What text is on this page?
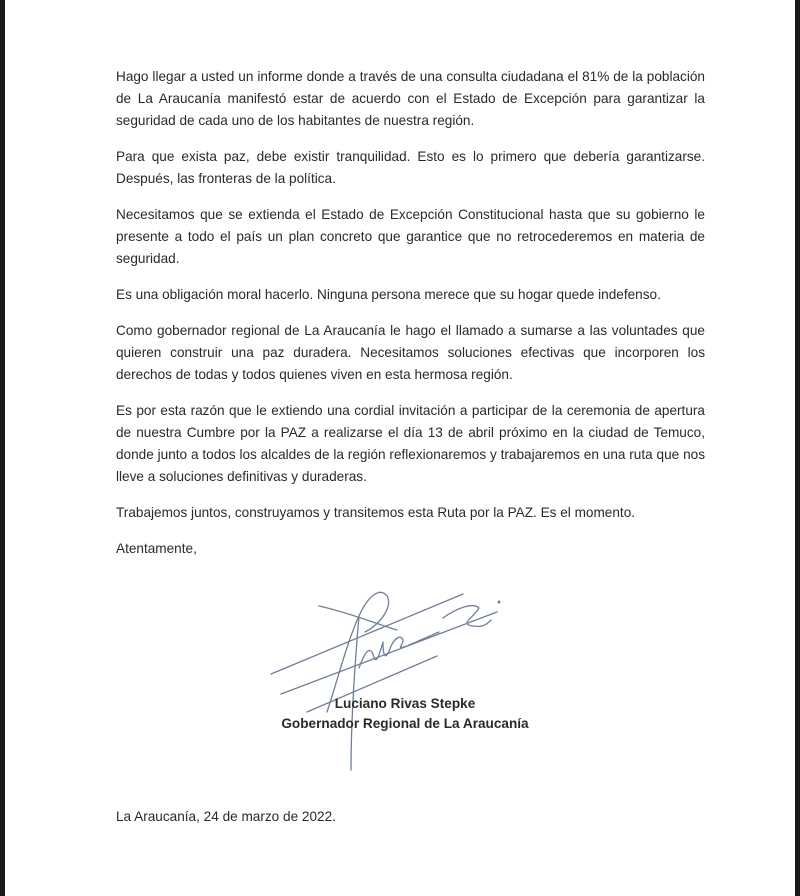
Hago llegar a usted un informe donde a través de una consulta ciudadana el 81% de la población de La Araucanía manifestó estar de acuerdo con el Estado de Excepción para garantizar la seguridad de cada uno de los habitantes de nuestra región.

Para que exista paz, debe existir tranquilidad. Esto es lo primero que debería garantizarse. Después, las fronteras de la política.

Necesitamos que se extienda el Estado de Excepción Constitucional hasta que su gobierno le presente a todo el país un plan concreto que garantice que no retrocederemos en materia de seguridad.

Es una obligación moral hacerlo. Ninguna persona merece que su hogar quede indefenso.

Como gobernador regional de La Araucanía le hago el llamado a sumarse a las voluntades que quieren construir una paz duradera. Necesitamos soluciones efectivas que incorporen los derechos de todas y todos quienes viven en esta hermosa región.

Es por esta razón que le extiendo una cordial invitación a participar de la ceremonia de apertura de nuestra Cumbre por la PAZ a realizarse el día 13 de abril próximo en la ciudad de Temuco, donde junto a todos los alcaldes de la región reflexionaremos y trabajaremos en una ruta que nos lleve a soluciones definitivas y duraderas.

Trabajemos juntos, construyamos y transitemos esta Ruta por la PAZ. Es el momento.

Atentamente,

Luciano Rivas Stepke
Gobernador Regional de La Araucanía
La Araucanía, 24 de marzo de 2022.
